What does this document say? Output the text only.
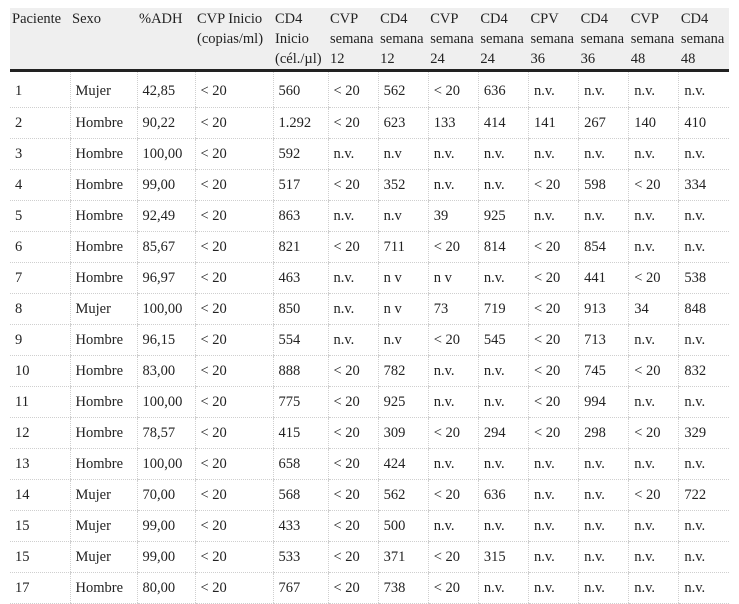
Paciente	Sexo	%ADH	CVP Inicio (copias/ml)	CD4 Inicio (cél./µl)	CVP semana 12	CD4 semana 12	CVP semana 24	CD4 semana 24	CPV semana 36	CD4 semana 36	CVP semana 48	CD4 semana 48
1	Mujer	42,85	< 20	560	< 20	562	< 20	636	n.v.	n.v.	n.v.	n.v.
2	Hombre	90,22	< 20	1.292	< 20	623	133	414	141	267	140	410
3	Hombre	100,00	< 20	592	n.v.	n.v	n.v.	n.v.	n.v.	n.v.	n.v.	n.v.
4	Hombre	99,00	< 20	517	< 20	352	n.v.	n.v.	< 20	598	< 20	334
5	Hombre	92,49	< 20	863	n.v.	n.v	39	925	n.v.	n.v.	n.v.	n.v.
6	Hombre	85,67	< 20	821	< 20	711	< 20	814	< 20	854	n.v.	n.v.
7	Hombre	96,97	< 20	463	n.v.	n v	n v	n.v.	< 20	441	< 20	538
8	Mujer	100,00	< 20	850	n.v.	n v	73	719	< 20	913	34	848
9	Hombre	96,15	< 20	554	n.v.	n.v	< 20	545	< 20	713	n.v.	n.v.
10	Hombre	83,00	< 20	888	< 20	782	n.v.	n.v.	< 20	745	< 20	832
11	Hombre	100,00	< 20	775	< 20	925	n.v.	n.v.	< 20	994	n.v.	n.v.
12	Hombre	78,57	< 20	415	< 20	309	< 20	294	< 20	298	< 20	329
13	Hombre	100,00	< 20	658	< 20	424	n.v.	n.v.	n.v.	n.v.	n.v.	n.v.
14	Mujer	70,00	< 20	568	< 20	562	< 20	636	n.v.	n.v.	< 20	722
15	Mujer	99,00	< 20	433	< 20	500	n.v.	n.v.	n.v.	n.v.	n.v.	n.v.
15	Mujer	99,00	< 20	533	< 20	371	< 20	315	n.v.	n.v.	n.v.	n.v.
17	Hombre	80,00	< 20	767	< 20	738	< 20	n.v.	n.v.	n.v.	n.v.	n.v.
